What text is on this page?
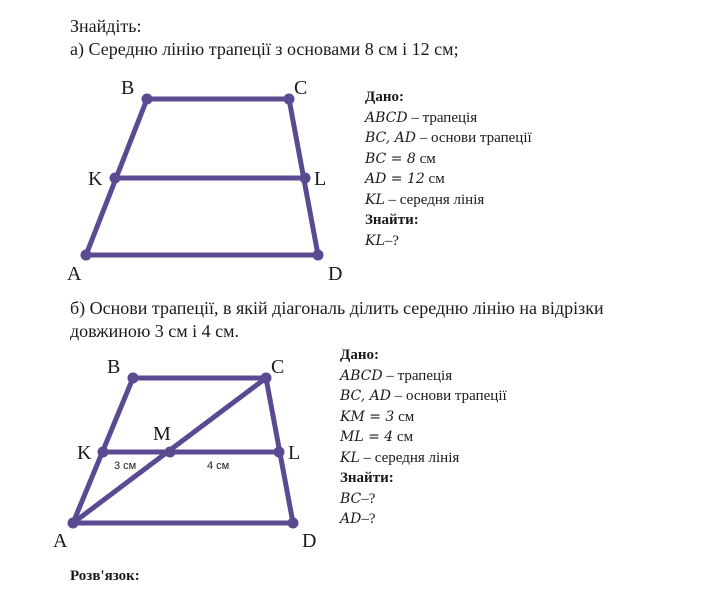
Знайдіть:
а) Середню лінію трапеції з основами 8 см і 12 см;
б) Основи трапеції, в якій діагональ ділить середню лінію на відрізки
довжиною 3 см і 4 см.
Розв'язок:
B	C
K	L
A	D
B	C
K
M
L
A	D
3 см	4 см
Дано:
ABCD – трапеція
BC, AD – основи трапеції
BC = 8 см
AD = 12 см
KL – середня лінія
Знайти:
KL–?
Дано:
ABCD – трапеція
BC, AD – основи трапеції
KM = 3 см
ML = 4 см
KL – середня лінія
Знайти:
BC–?
AD–?
